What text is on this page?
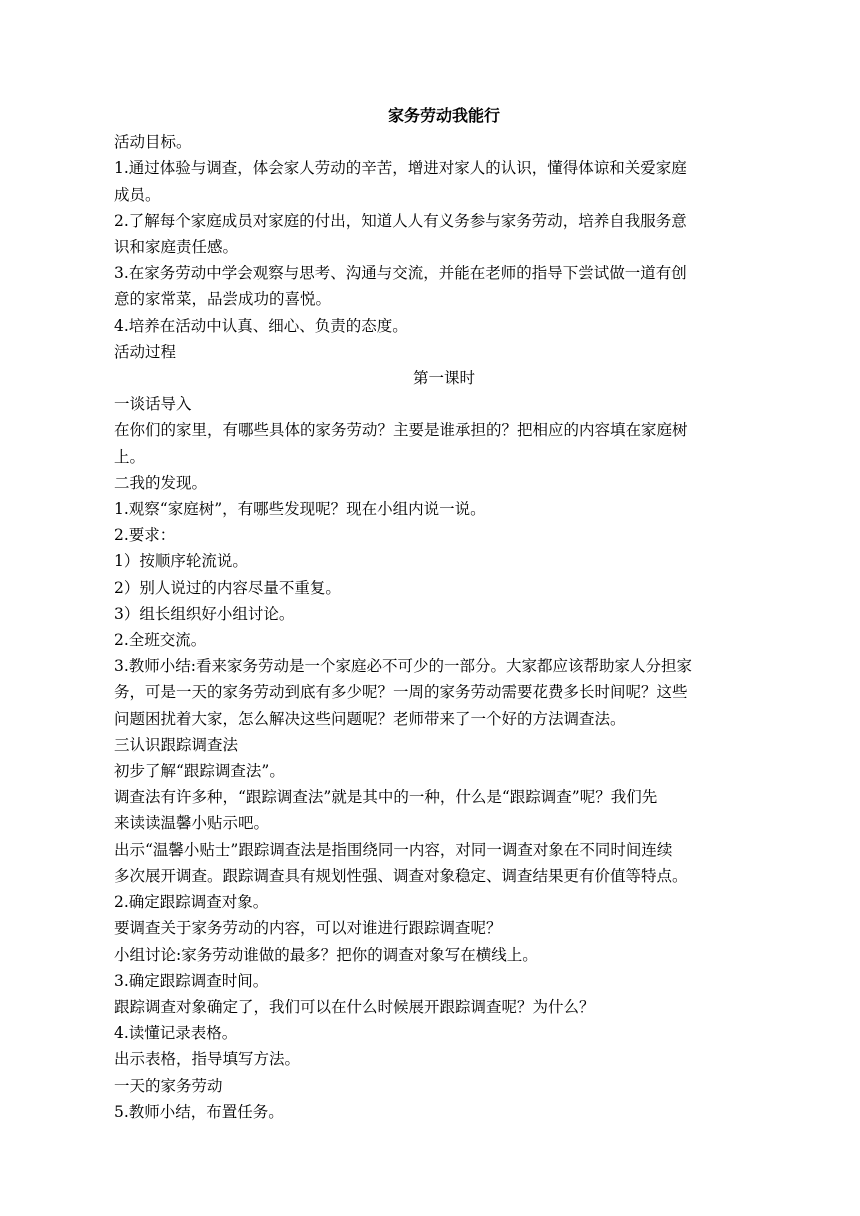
家务劳动我能行
活动目标。
1.通过体验与调查，体会家人劳动的辛苦，增进对家人的认识，懂得体谅和关爱家庭
成员。
2.了解每个家庭成员对家庭的付出，知道人人有义务参与家务劳动，培养自我服务意
识和家庭责任感。
3.在家务劳动中学会观察与思考、沟通与交流，并能在老师的指导下尝试做一道有创
意的家常菜，品尝成功的喜悦。
4.培养在活动中认真、细心、负责的态度。
活动过程
第一课时
一谈话导入
在你们的家里，有哪些具体的家务劳动？主要是谁承担的？把相应的内容填在家庭树
上。
二我的发现。
1.观察“家庭树”，有哪些发现呢？现在小组内说一说。
2.要求：
1）按顺序轮流说。
2）别人说过的内容尽量不重复。
3）组长组织好小组讨论。
2.全班交流。
3.教师小结:看来家务劳动是一个家庭必不可少的一部分。大家都应该帮助家人分担家
务，可是一天的家务劳动到底有多少呢？一周的家务劳动需要花费多长时间呢？这些
问题困扰着大家，怎么解决这些问题呢？老师带来了一个好的方法调查法。
三认识跟踪调查法
初步了解“跟踪调查法”。
调查法有许多种，“跟踪调查法”就是其中的一种，什么是“跟踪调查”呢？我们先
来读读温馨小贴示吧。
出示“温馨小贴士”跟踪调查法是指围绕同一内容，对同一调查对象在不同时间连续
多次展开调查。跟踪调查具有规划性强、调查对象稳定、调查结果更有价值等特点。
2.确定跟踪调查对象。
要调查关于家务劳动的内容，可以对谁进行跟踪调查呢？
小组讨论:家务劳动谁做的最多？把你的调查对象写在横线上。
3.确定跟踪调查时间。
跟踪调查对象确定了，我们可以在什么时候展开跟踪调查呢？为什么？
4.读懂记录表格。
出示表格，指导填写方法。
一天的家务劳动
5.教师小结，布置任务。
